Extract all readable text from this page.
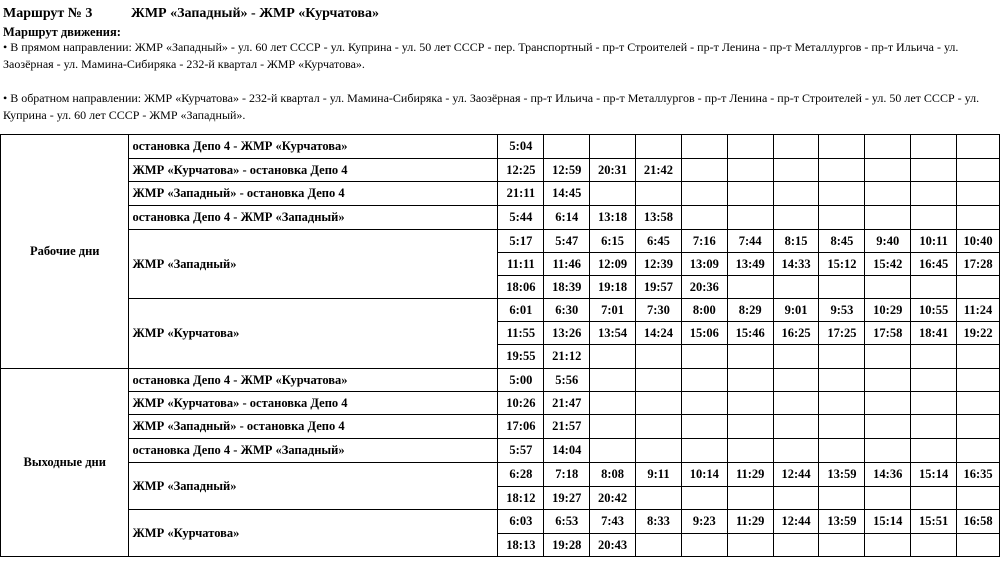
Маршрут № 3	ЖМР «Западный» - ЖМР «Курчатова»
Маршрут движения:

• В прямом направлении: ЖМР «Западный» - ул. 60 лет СССР - ул. Куприна - ул. 50 лет СССР - пер. Транспортный - пр-т Строителей - пр-т Ленина - пр-т Металлургов - пр-т Ильича - ул. Заозёрная - ул. Мамина-Сибиряка - 232-й квартал - ЖМР «Курчатова».

• В обратном направлении: ЖМР «Курчатова» - 232-й квартал - ул. Мамина-Сибиряка - ул. Заозёрная - пр-т Ильича - пр-т Металлургов - пр-т Ленина - пр-т Строителей - ул. 50 лет СССР - ул. Куприна - ул. 60 лет СССР - ЖМР «Западный».

Рабочие дни	остановка Депо 4 - ЖМР «Курчатова»	5:04										
	ЖМР «Курчатова» - остановка Депо 4	12:25	12:59	20:31	21:42							
	ЖМР «Западный» - остановка Депо 4	21:11	14:45									
	остановка Депо 4 - ЖМР «Западный»	5:44	6:14	13:18	13:58							
	ЖМР «Западный»	5:17	5:47	6:15	6:45	7:16	7:44	8:15	8:45	9:40	10:11	10:40
		11:11	11:46	12:09	12:39	13:09	13:49	14:33	15:12	15:42	16:45	17:28
		18:06	18:39	19:18	19:57	20:36						
	ЖМР «Курчатова»	6:01	6:30	7:01	7:30	8:00	8:29	9:01	9:53	10:29	10:55	11:24
		11:55	13:26	13:54	14:24	15:06	15:46	16:25	17:25	17:58	18:41	19:22
		19:55	21:12									
Выходные дни	остановка Депо 4 - ЖМР «Курчатова»	5:00	5:56									
	ЖМР «Курчатова» - остановка Депо 4	10:26	21:47									
	ЖМР «Западный» - остановка Депо 4	17:06	21:57									
	остановка Депо 4 - ЖМР «Западный»	5:57	14:04									
	ЖМР «Западный»	6:28	7:18	8:08	9:11	10:14	11:29	12:44	13:59	14:36	15:14	16:35
		18:12	19:27	20:42								
	ЖМР «Курчатова»	6:03	6:53	7:43	8:33	9:23	11:29	12:44	13:59	15:14	15:51	16:58
		18:13	19:28	20:43								
